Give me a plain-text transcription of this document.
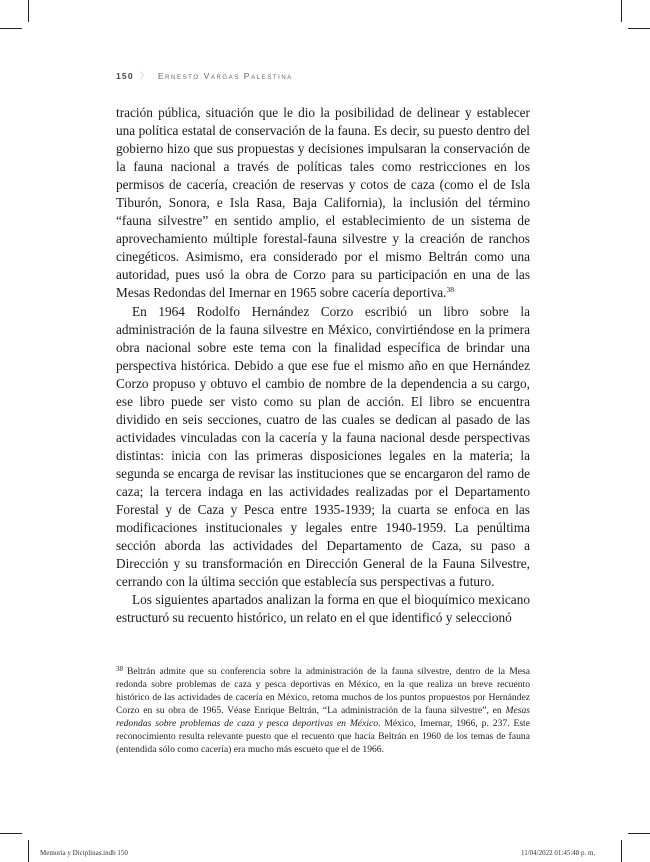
150 〉 Ernesto Vargas Palestina

tración pública, situación que le dio la posibilidad de delinear y establecer una política estatal de conservación de la fauna. Es decir, su puesto dentro del gobierno hizo que sus propuestas y decisiones impulsaran la conservación de la fauna nacional a través de políticas tales como restricciones en los permisos de cacería, creación de reservas y cotos de caza (como el de Isla Tiburón, Sonora, e Isla Rasa, Baja California), la inclusión del término “fauna silvestre” en sentido amplio, el establecimiento de un sistema de aprovechamiento múltiple forestal-fauna silvestre y la creación de ranchos cinegéticos. Asimismo, era considerado por el mismo Beltrán como una autoridad, pues usó la obra de Corzo para su participación en una de las Mesas Redondas del Imernar en 1965 sobre cacería deportiva.$^{38}$

En 1964 Rodolfo Hernández Corzo escribió un libro sobre la administración de la fauna silvestre en México, convirtiéndose en la primera obra nacional sobre este tema con la finalidad específica de brindar una perspectiva histórica. Debido a que ese fue el mismo año en que Hernández Corzo propuso y obtuvo el cambio de nombre de la dependencia a su cargo, ese libro puede ser visto como su plan de acción. El libro se encuentra dividido en seis secciones, cuatro de las cuales se dedican al pasado de las actividades vinculadas con la cacería y la fauna nacional desde perspectivas distintas: inicia con las primeras disposiciones legales en la materia; la segunda se encarga de revisar las instituciones que se encargaron del ramo de caza; la tercera indaga en las actividades realizadas por el Departamento Forestal y de Caza y Pesca entre 1935-1939; la cuarta se enfoca en las modificaciones institucionales y legales entre 1940-1959. La penúltima sección aborda las actividades del Departamento de Caza, su paso a Dirección y su transformación en Dirección General de la Fauna Silvestre, cerrando con la última sección que establecía sus perspectivas a futuro.

Los siguientes apartados analizan la forma en que el bioquímico mexicano estructuró su recuento histórico, un relato en el que identificó y seleccionó

$^{38}$ Beltrán admite que su conferencia sobre la administración de la fauna silvestre, dentro de la Mesa redonda sobre problemas de caza y pesca deportivas en México, en la que realiza un breve recuento histórico de las actividades de cacería en México, retoma muchos de los puntos propuestos por Hernández Corzo en su obra de 1965. Véase Enrique Beltrán, “La administración de la fauna silvestre”, en Mesas redondas sobre problemas de caza y pesca deportivas en México. México, Imernar, 1966, p. 237. Este reconocimiento resulta relevante puesto que el recuento que hacía Beltrán en 1960 de los temas de fauna (entendida sólo como cacería) era mucho más escueto que el de 1966.
Memoria y Diciplinas.indb 150	11/04/2022 01:45:48 p. m.
